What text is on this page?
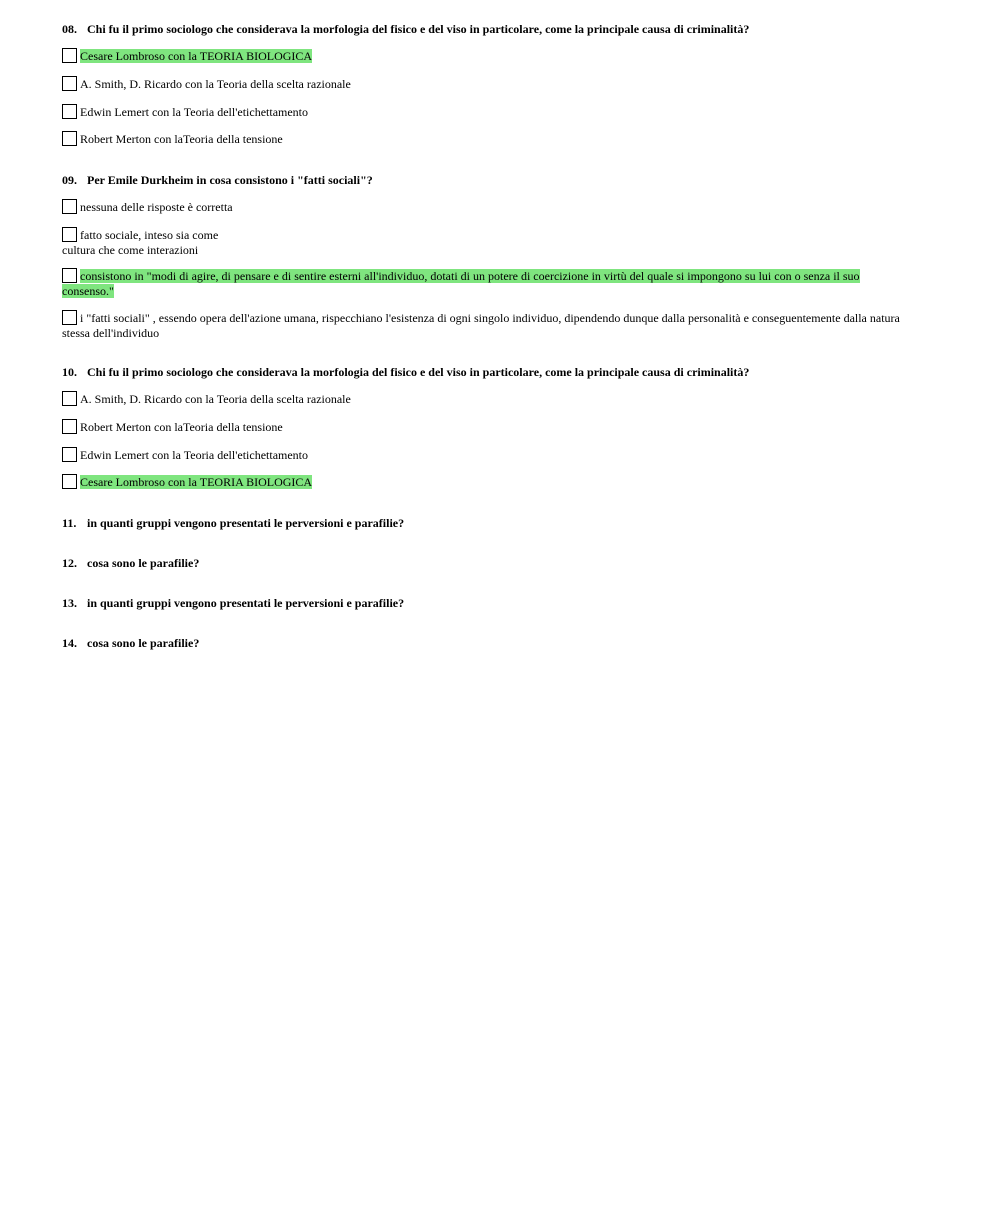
08. Chi fu il primo sociologo che considerava la morfologia del fisico e del viso in particolare, come la principale causa di criminalità?
Cesare Lombroso con la TEORIA BIOLOGICA
A. Smith, D. Ricardo con la Teoria della scelta razionale
Edwin Lemert con la Teoria dell'etichettamento
Robert Merton con laTeoria della tensione
09. Per Emile Durkheim in cosa consistono i "fatti sociali"?
nessuna delle risposte è corretta
fatto sociale, inteso sia come
cultura che come interazioni
consistono in "modi di agire, di pensare e di sentire esterni all'individuo, dotati di un potere di coercizione in virtù del quale si impongono su lui con o senza il suo
consenso."
i "fatti sociali" , essendo opera dell'azione umana, rispecchiano l'esistenza di ogni singolo individuo, dipendendo dunque dalla personalità e conseguentemente dalla natura
stessa dell'individuo
10. Chi fu il primo sociologo che considerava la morfologia del fisico e del viso in particolare, come la principale causa di criminalità?
A. Smith, D. Ricardo con la Teoria della scelta razionale
Robert Merton con laTeoria della tensione
Edwin Lemert con la Teoria dell'etichettamento
Cesare Lombroso con la TEORIA BIOLOGICA
11. in quanti gruppi vengono presentati le perversioni e parafilie?
12. cosa sono le parafilie?
13. in quanti gruppi vengono presentati le perversioni e parafilie?
14. cosa sono le parafilie?
